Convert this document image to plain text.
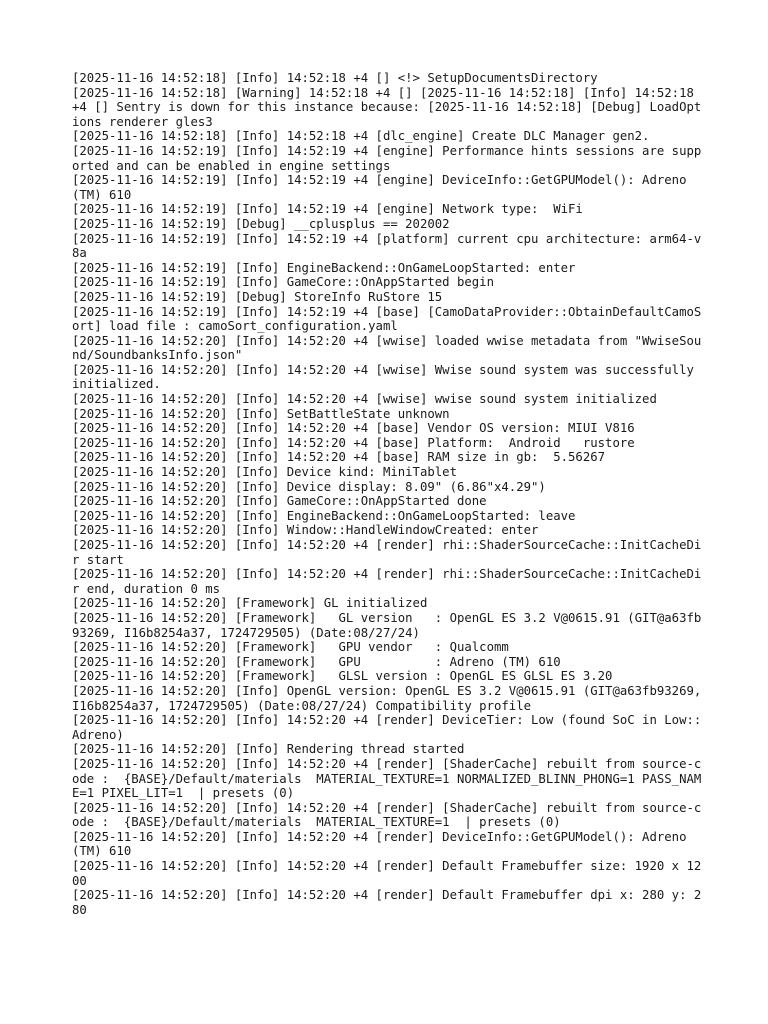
[2025-11-16 14:52:18] [Info] 14:52:18 +4 [] <!> SetupDocumentsDirectory
[2025-11-16 14:52:18] [Warning] 14:52:18 +4 [] [2025-11-16 14:52:18] [Info] 14:52:18 +4 [] Sentry is down for this instance because: [2025-11-16 14:52:18] [Debug] LoadOptions renderer gles3
[2025-11-16 14:52:18] [Info] 14:52:18 +4 [dlc_engine] Create DLC Manager gen2.
[2025-11-16 14:52:19] [Info] 14:52:19 +4 [engine] Performance hints sessions are supported and can be enabled in engine settings
[2025-11-16 14:52:19] [Info] 14:52:19 +4 [engine] DeviceInfo::GetGPUModel(): Adreno (TM) 610
[2025-11-16 14:52:19] [Info] 14:52:19 +4 [engine] Network type:  WiFi
[2025-11-16 14:52:19] [Debug] __cplusplus == 202002
[2025-11-16 14:52:19] [Info] 14:52:19 +4 [platform] current cpu architecture: arm64-v8a
[2025-11-16 14:52:19] [Info] EngineBackend::OnGameLoopStarted: enter
[2025-11-16 14:52:19] [Info] GameCore::OnAppStarted begin
[2025-11-16 14:52:19] [Debug] StoreInfo RuStore 15
[2025-11-16 14:52:19] [Info] 14:52:19 +4 [base] [CamoDataProvider::ObtainDefaultCamoSort] load file : camoSort_configuration.yaml
[2025-11-16 14:52:20] [Info] 14:52:20 +4 [wwise] loaded wwise metadata from "WwiseSound/SoundbanksInfo.json"
[2025-11-16 14:52:20] [Info] 14:52:20 +4 [wwise] Wwise sound system was successfully initialized.
[2025-11-16 14:52:20] [Info] 14:52:20 +4 [wwise] wwise sound system initialized
[2025-11-16 14:52:20] [Info] SetBattleState unknown
[2025-11-16 14:52:20] [Info] 14:52:20 +4 [base] Vendor OS version: MIUI V816
[2025-11-16 14:52:20] [Info] 14:52:20 +4 [base] Platform:  Android   rustore
[2025-11-16 14:52:20] [Info] 14:52:20 +4 [base] RAM size in gb:  5.56267
[2025-11-16 14:52:20] [Info] Device kind: MiniTablet
[2025-11-16 14:52:20] [Info] Device display: 8.09" (6.86"x4.29")
[2025-11-16 14:52:20] [Info] GameCore::OnAppStarted done
[2025-11-16 14:52:20] [Info] EngineBackend::OnGameLoopStarted: leave
[2025-11-16 14:52:20] [Info] Window::HandleWindowCreated: enter
[2025-11-16 14:52:20] [Info] 14:52:20 +4 [render] rhi::ShaderSourceCache::InitCacheDir start
[2025-11-16 14:52:20] [Info] 14:52:20 +4 [render] rhi::ShaderSourceCache::InitCacheDir end, duration 0 ms
[2025-11-16 14:52:20] [Framework] GL initialized
[2025-11-16 14:52:20] [Framework]   GL version   : OpenGL ES 3.2 V@0615.91 (GIT@a63fb93269, I16b8254a37, 1724729505) (Date:08/27/24)
[2025-11-16 14:52:20] [Framework]   GPU vendor   : Qualcomm
[2025-11-16 14:52:20] [Framework]   GPU          : Adreno (TM) 610
[2025-11-16 14:52:20] [Framework]   GLSL version : OpenGL ES GLSL ES 3.20
[2025-11-16 14:52:20] [Info] OpenGL version: OpenGL ES 3.2 V@0615.91 (GIT@a63fb93269, I16b8254a37, 1724729505) (Date:08/27/24) Compatibility profile
[2025-11-16 14:52:20] [Info] 14:52:20 +4 [render] DeviceTier: Low (found SoC in Low::Adreno)
[2025-11-16 14:52:20] [Info] Rendering thread started
[2025-11-16 14:52:20] [Info] 14:52:20 +4 [render] [ShaderCache] rebuilt from source-code :  {BASE}/Default/materials  MATERIAL_TEXTURE=1 NORMALIZED_BLINN_PHONG=1 PASS_NAME=1 PIXEL_LIT=1  | presets (0)
[2025-11-16 14:52:20] [Info] 14:52:20 +4 [render] [ShaderCache] rebuilt from source-code :  {BASE}/Default/materials  MATERIAL_TEXTURE=1  | presets (0)
[2025-11-16 14:52:20] [Info] 14:52:20 +4 [render] DeviceInfo::GetGPUModel(): Adreno (TM) 610
[2025-11-16 14:52:20] [Info] 14:52:20 +4 [render] Default Framebuffer size: 1920 x 1200
[2025-11-16 14:52:20] [Info] 14:52:20 +4 [render] Default Framebuffer dpi x: 280 y: 280
